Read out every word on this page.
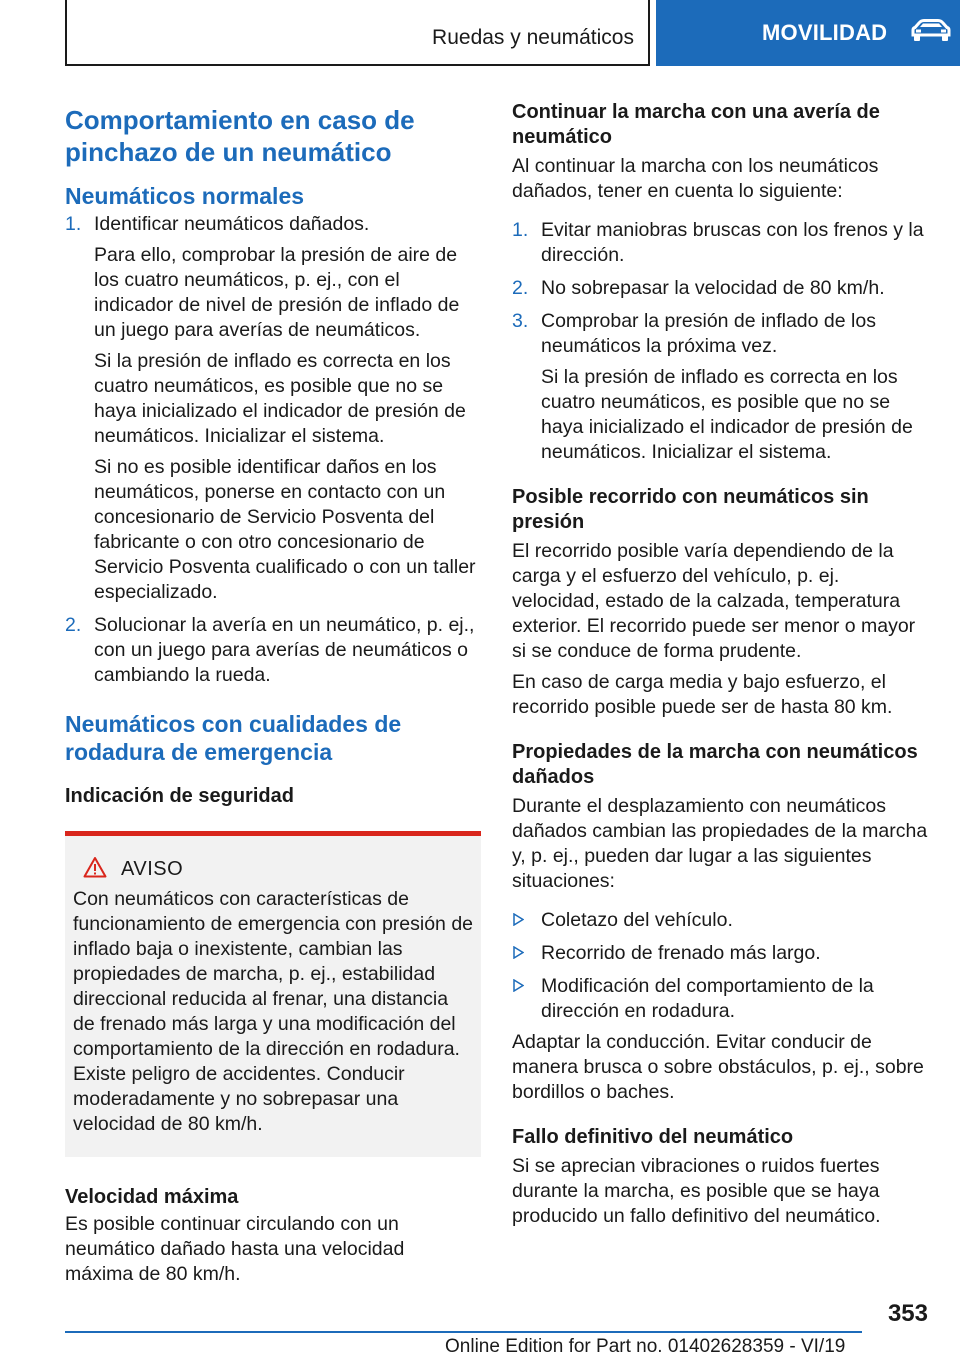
Ruedas y neumáticos	MOVILIDAD
Comportamiento en caso de pinchazo de un neumático
Neumáticos normales
1. Identificar neumáticos dañados.
Para ello, comprobar la presión de aire de los cuatro neumáticos, p. ej., con el indicador de nivel de presión de inflado de un juego para averías de neumáticos.
Si la presión de inflado es correcta en los cuatro neumáticos, es posible que no se haya inicializado el indicador de presión de neumáticos. Inicializar el sistema.
Si no es posible identificar daños en los neumáticos, ponerse en contacto con un concesionario de Servicio Posventa del fabricante o con otro concesionario de Servicio Posventa cualificado o con un taller especializado.
2. Solucionar la avería en un neumático, p. ej., con un juego para averías de neumáticos o cambiando la rueda.
Neumáticos con cualidades de rodadura de emergencia
Indicación de seguridad
AVISO

Con neumáticos con características de funcionamiento de emergencia con presión de inflado baja o inexistente, cambian las propiedades de marcha, p. ej., estabilidad direccional reducida al frenar, una distancia de frenado más larga y una modificación del comportamiento de la dirección en rodadura. Existe peligro de accidentes. Conducir moderadamente y no sobrepasar una velocidad de 80 km/h.

Velocidad máxima

Es posible continuar circulando con un neumático dañado hasta una velocidad máxima de 80 km/h.

Continuar la marcha con una avería de neumático

Al continuar la marcha con los neumáticos dañados, tener en cuenta lo siguiente:

1. Evitar maniobras bruscas con los frenos y la dirección.
2. No sobrepasar la velocidad de 80 km/h.
3. Comprobar la presión de inflado de los neumáticos la próxima vez.
Si la presión de inflado es correcta en los cuatro neumáticos, es posible que no se haya inicializado el indicador de presión de neumáticos. Inicializar el sistema.
Posible recorrido con neumáticos sin presión

El recorrido posible varía dependiendo de la carga y el esfuerzo del vehículo, p. ej. velocidad, estado de la calzada, temperatura exterior. El recorrido puede ser menor o mayor si se conduce de forma prudente.

En caso de carga media y bajo esfuerzo, el recorrido posible puede ser de hasta 80 km.

Propiedades de la marcha con neumáticos dañados

Durante el desplazamiento con neumáticos dañados cambian las propiedades de la marcha y, p. ej., pueden dar lugar a las siguientes situaciones:

Coletazo del vehículo.
Recorrido de frenado más largo.
Modificación del comportamiento de la dirección en rodadura.

Adaptar la conducción. Evitar conducir de manera brusca o sobre obstáculos, p. ej., sobre bordillos o baches.

Fallo definitivo del neumático

Si se aprecian vibraciones o ruidos fuertes durante la marcha, es posible que se haya producido un fallo definitivo del neumático.

353
Online Edition for Part no. 01402628359 - VI/19
